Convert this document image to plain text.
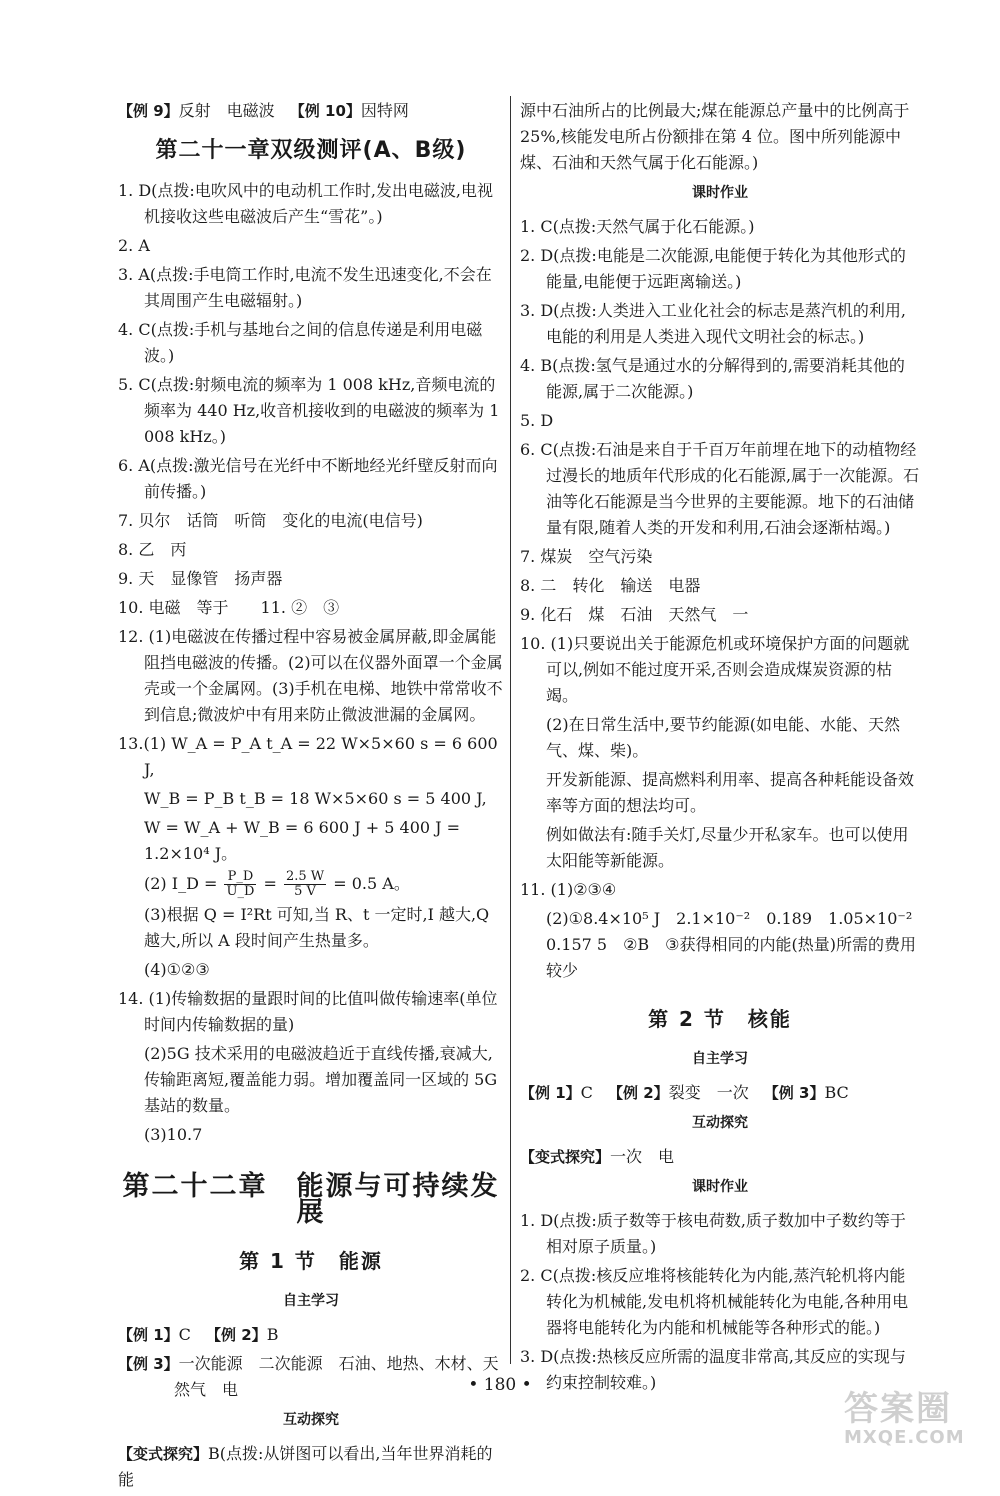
【例 9】反射　电磁波 【例 10】因特网
第二十一章双级测评(A、B级)
1. D(点拨:电吹风中的电动机工作时,发出电磁波,电视机接收这些电磁波后产生“雪花”。)
2. A
3. A(点拨:手电筒工作时,电流不发生迅速变化,不会在其周围产生电磁辐射。)
4. C(点拨:手机与基地台之间的信息传递是利用电磁波。)
5. C(点拨:射频电流的频率为 1 008 kHz,音频电流的频率为 440 Hz,收音机接收到的电磁波的频率为 1 008 kHz。)
6. A(点拨:激光信号在光纤中不断地经光纤壁反射而向前传播。)
7. 贝尔　话筒　听筒　变化的电流(电信号)
8. 乙　丙
9. 天　显像管　扬声器
10. 电磁　等于　　11. ②　③
12. (1)电磁波在传播过程中容易被金属屏蔽,即金属能阻挡电磁波的传播。(2)可以在仪器外面罩一个金属壳或一个金属网。(3)手机在电梯、地铁中常常收不到信息;微波炉中有用来防止微波泄漏的金属网。
13.(1) W_A = P_A t_A = 22 W×5×60 s = 6 600 J,
W_B = P_B t_B = 18 W×5×60 s = 5 400 J,
W = W_A + W_B = 6 600 J + 5 400 J = 1.2×10⁴ J。
(2) I_D = $\frac{P\_D}{U\_D} = \frac{2.5 W}{5 V} = 0.5$ A。
(3)根据 Q = I²Rt 可知,当 R、t 一定时,I 越大,Q 越大,所以 A 段时间产生热量多。
(4)①②③
14. (1)传输数据的量跟时间的比值叫做传输速率(单位时间内传输数据的量)
(2)5G 技术采用的电磁波趋近于直线传播,衰减大,传输距离短,覆盖能力弱。增加覆盖同一区域的 5G 基站的数量。
(3)10.7
第二十二章　能源与可持续发展
第 1 节　能源
自主学习
【例 1】C 【例 2】B
【例 3】一次能源　二次能源　石油、地热、木材、天然气　电
互动探究
【变式探究】B(点拨:从饼图可以看出,当年世界消耗的能
源中石油所占的比例最大;煤在能源总产量中的比例高于 25%,核能发电所占份额排在第 4 位。图中所列能源中煤、石油和天然气属于化石能源。)
课时作业
1. C(点拨:天然气属于化石能源。)
2. D(点拨:电能是二次能源,电能便于转化为其他形式的能量,电能便于远距离输送。)
3. D(点拨:人类进入工业化社会的标志是蒸汽机的利用,电能的利用是人类进入现代文明社会的标志。)
4. B(点拨:氢气是通过水的分解得到的,需要消耗其他的能源,属于二次能源。)
5. D
6. C(点拨:石油是来自于千百万年前埋在地下的动植物经过漫长的地质年代形成的化石能源,属于一次能源。石油等化石能源是当今世界的主要能源。地下的石油储量有限,随着人类的开发和利用,石油会逐渐枯竭。)
7. 煤炭　空气污染
8. 二　转化　输送　电器
9. 化石　煤　石油　天然气　一
10. (1)只要说出关于能源危机或环境保护方面的问题就可以,例如不能过度开采,否则会造成煤炭资源的枯竭。
(2)在日常生活中,要节约能源(如电能、水能、天然气、煤、柴)。
开发新能源、提高燃料利用率、提高各种耗能设备效率等方面的想法均可。
例如做法有:随手关灯,尽量少开私家车。也可以使用太阳能等新能源。
11. (1)②③④
(2)①8.4×10⁵ J　2.1×10⁻²　0.189　1.05×10⁻²　0.157 5　②B　③获得相同的内能(热量)所需的费用较少
第 2 节　核能
自主学习
【例 1】C 【例 2】裂变　一次 【例 3】BC
互动探究
【变式探究】一次　电
课时作业
1. D(点拨:质子数等于核电荷数,质子数加中子数约等于相对原子质量。)
2. C(点拨:核反应堆将核能转化为内能,蒸汽轮机将内能转化为机械能,发电机将机械能转化为电能,各种用电器将电能转化为内能和机械能等各种形式的能。)
3. D(点拨:热核反应所需的温度非常高,其反应的实现与约束控制较难。)
• 180 •
答案圈
MXQE.COM
